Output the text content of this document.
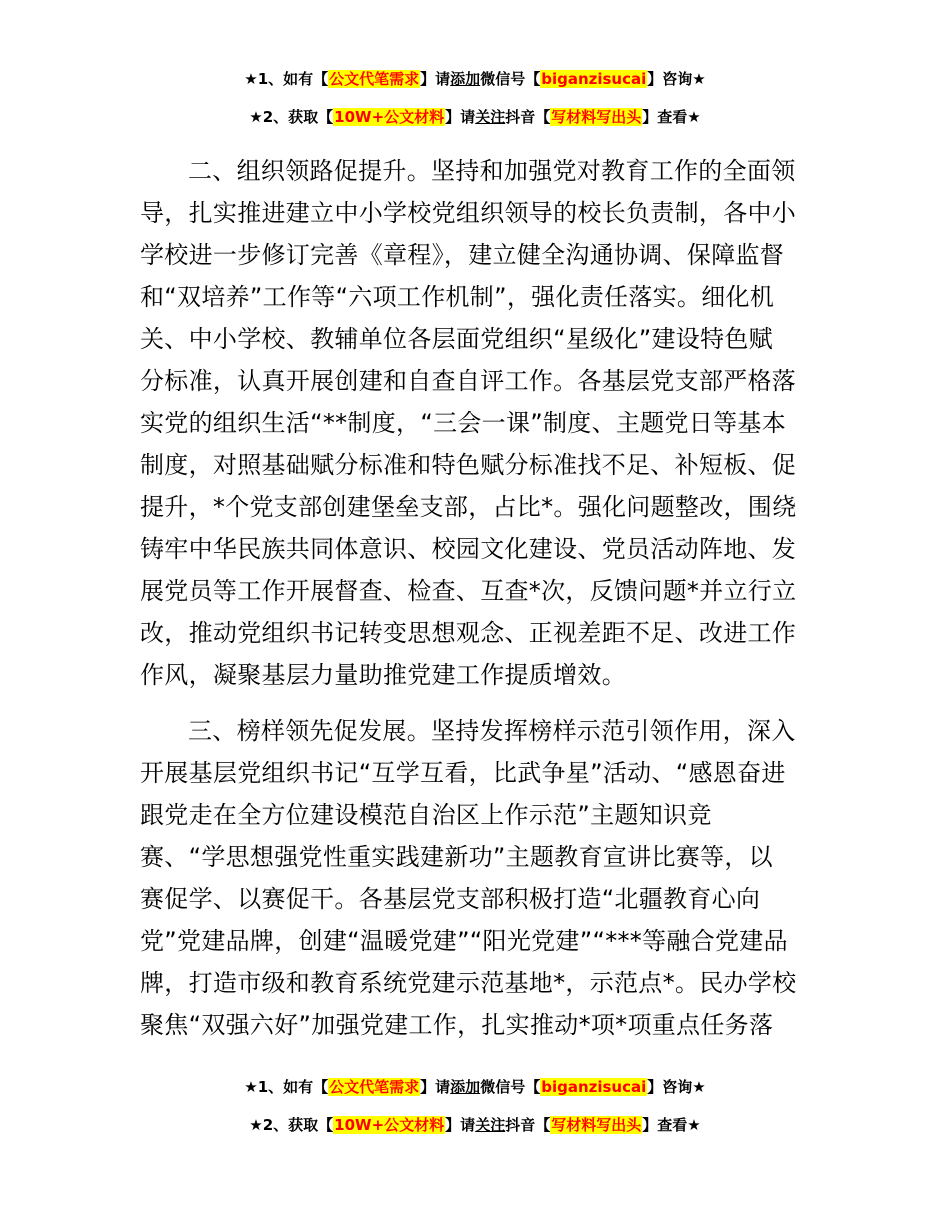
★1、如有【公文代笔需求】请添加微信号【biganzisucai】咨询★
★2、获取【10W+公文材料】请关注抖音【写材料写出头】查看★
二、组织领路促提升。坚持和加强党对教育工作的全面领
导，扎实推进建立中小学校党组织领导的校长负责制，各中小
学校进一步修订完善《章程》，建立健全沟通协调、保障监督
和“双培养”工作等“六项工作机制”，强化责任落实。细化机
关、中小学校、教辅单位各层面党组织“星级化”建设特色赋
分标准，认真开展创建和自查自评工作。各基层党支部严格落
实党的组织生活“**制度，“三会一课”制度、主题党日等基本
制度，对照基础赋分标准和特色赋分标准找不足、补短板、促
提升，*个党支部创建堡垒支部，占比*。强化问题整改，围绕
铸牢中华民族共同体意识、校园文化建设、党员活动阵地、发
展党员等工作开展督查、检查、互查*次，反馈问题*并立行立
改，推动党组织书记转变思想观念、正视差距不足、改进工作
作风，凝聚基层力量助推党建工作提质增效。
三、榜样领先促发展。坚持发挥榜样示范引领作用，深入
开展基层党组织书记“互学互看，比武争星”活动、“感恩奋进
跟党走在全方位建设模范自治区上作示范”主题知识竞
赛、“学思想强党性重实践建新功”主题教育宣讲比赛等，以
赛促学、以赛促干。各基层党支部积极打造“北疆教育心向
党”党建品牌，创建“温暖党建”“阳光党建”“***等融合党建品
牌，打造市级和教育系统党建示范基地*，示范点*。民办学校
聚焦“双强六好”加强党建工作，扎实推动*项*项重点任务落
★1、如有【公文代笔需求】请添加微信号【biganzisucai】咨询★
★2、获取【10W+公文材料】请关注抖音【写材料写出头】查看★
